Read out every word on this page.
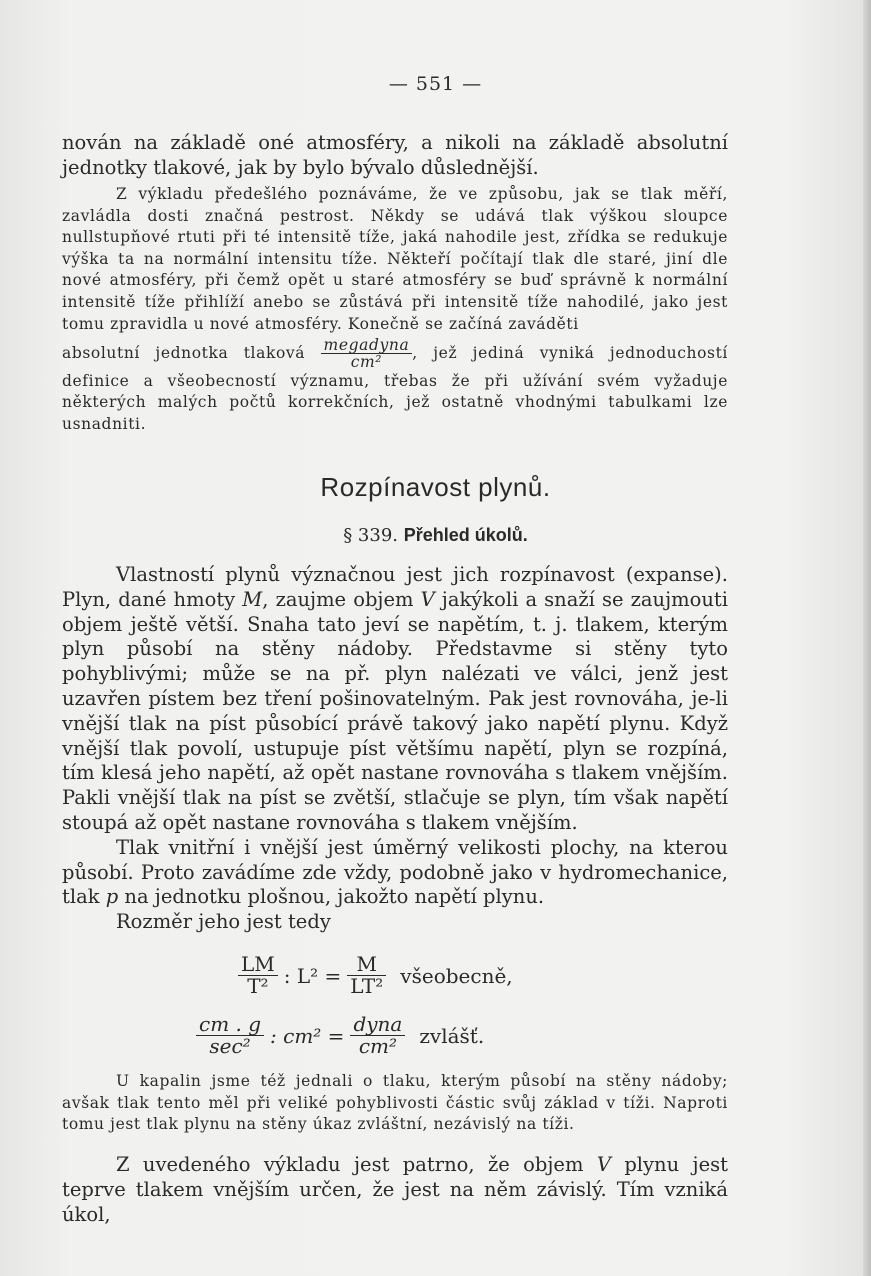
— 551 —

nován na základě oné atmosféry, a nikoli na základě absolutní jednotky tlakové, jak by bylo bývalo důslednější.

Z výkladu předešlého poznáváme, že ve způsobu, jak se tlak měří, zavládla dosti značná pestrost. Někdy se udává tlak výškou sloupce nullstupňové rtuti při té intensitě tíže, jaká nahodile jest, zřídka se redukuje výška ta na normální intensitu tíže. Někteří počítají tlak dle staré, jiní dle nové atmosféry, při čemž opět u staré atmosféry se buď správně k normální intensitě tíže přihlíží anebo se zůstává při intensitě tíže nahodilé, jako jest tomu zpravidla u nové atmosféry. Konečně se začíná zaváděti

absolutní jednotka tlaková $\frac{\text{megadyna}}{\text{cm²}}$ , jež jediná vyniká jednoduchostí definice a všeobecností významu, třebas že při užívání svém vyžaduje některých malých počtů korrekčních, jež ostatně vhodnými tabulkami lze usnadniti.

Rozpínavost plynů.
§ 339. Přehled úkolů.

Vlastností plynů význačnou jest jich rozpínavost (expanse). Plyn, dané hmoty M, zaujme objem V jakýkoli a snaží se zaujmouti objem ještě větší. Snaha tato jeví se napětím, t. j. tlakem, kterým plyn působí na stěny nádoby. Představme si stěny tyto pohyblivými; může se na př. plyn nalézati ve válci, jenž jest uzavřen pístem bez tření pošinovatelným. Pak jest rovnováha, je-li vnější tlak na píst působící právě takový jako napětí plynu. Když vnější tlak povolí, ustupuje píst většímu napětí, plyn se rozpíná, tím klesá jeho napětí, až opět nastane rovnováha s tlakem vnějším. Pakli vnější tlak na píst se zvětší, stlačuje se plyn, tím však napětí stoupá až opět nastane rovnováha s tlakem vnějším.

Tlak vnitřní i vnější jest úměrný velikosti plochy, na kterou působí. Proto zavádíme zde vždy, podobně jako v hydromechanice, tlak p na jednotku plošnou, jakožto napětí plynu.

Rozměr jeho jest tedy

$\frac{LM}{\text{T²}}$ : $L^2 = \frac{M}{\text{LT²}}$ všeobecně,
$\frac{cm . g}{\text{sec²}}$ : $cm^2 = \frac{\text{dyna}}{\text{cm²}}$ zvlášť.

U kapalin jsme též jednali o tlaku, kterým působí na stěny nádoby; avšak tlak tento měl při veliké pohyblivosti částic svůj základ v tíži. Naproti tomu jest tlak plynu na stěny úkaz zvláštní, nezávislý na tíži.

Z uvedeného výkladu jest patrno, že objem V plynu jest teprve tlakem vnějším určen, že jest na něm závislý. Tím vzniká úkol,
